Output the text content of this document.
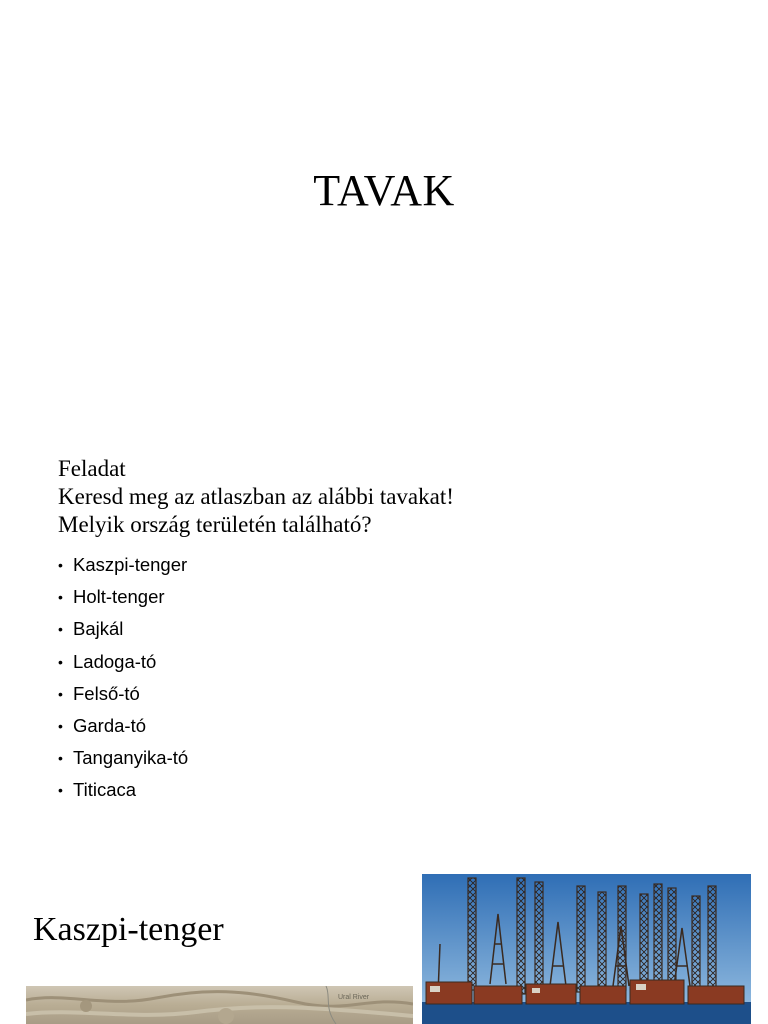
TAVAK
Feladat
Keresd meg az atlaszban az alábbi tavakat!
Melyik ország területén található?
• Kaszpi-tenger
• Holt-tenger
• Bajkál
• Ladoga-tó
• Felső-tó
• Garda-tó
• Tanganyika-tó
• Titicaca
Kaszpi-tenger
Ural River
